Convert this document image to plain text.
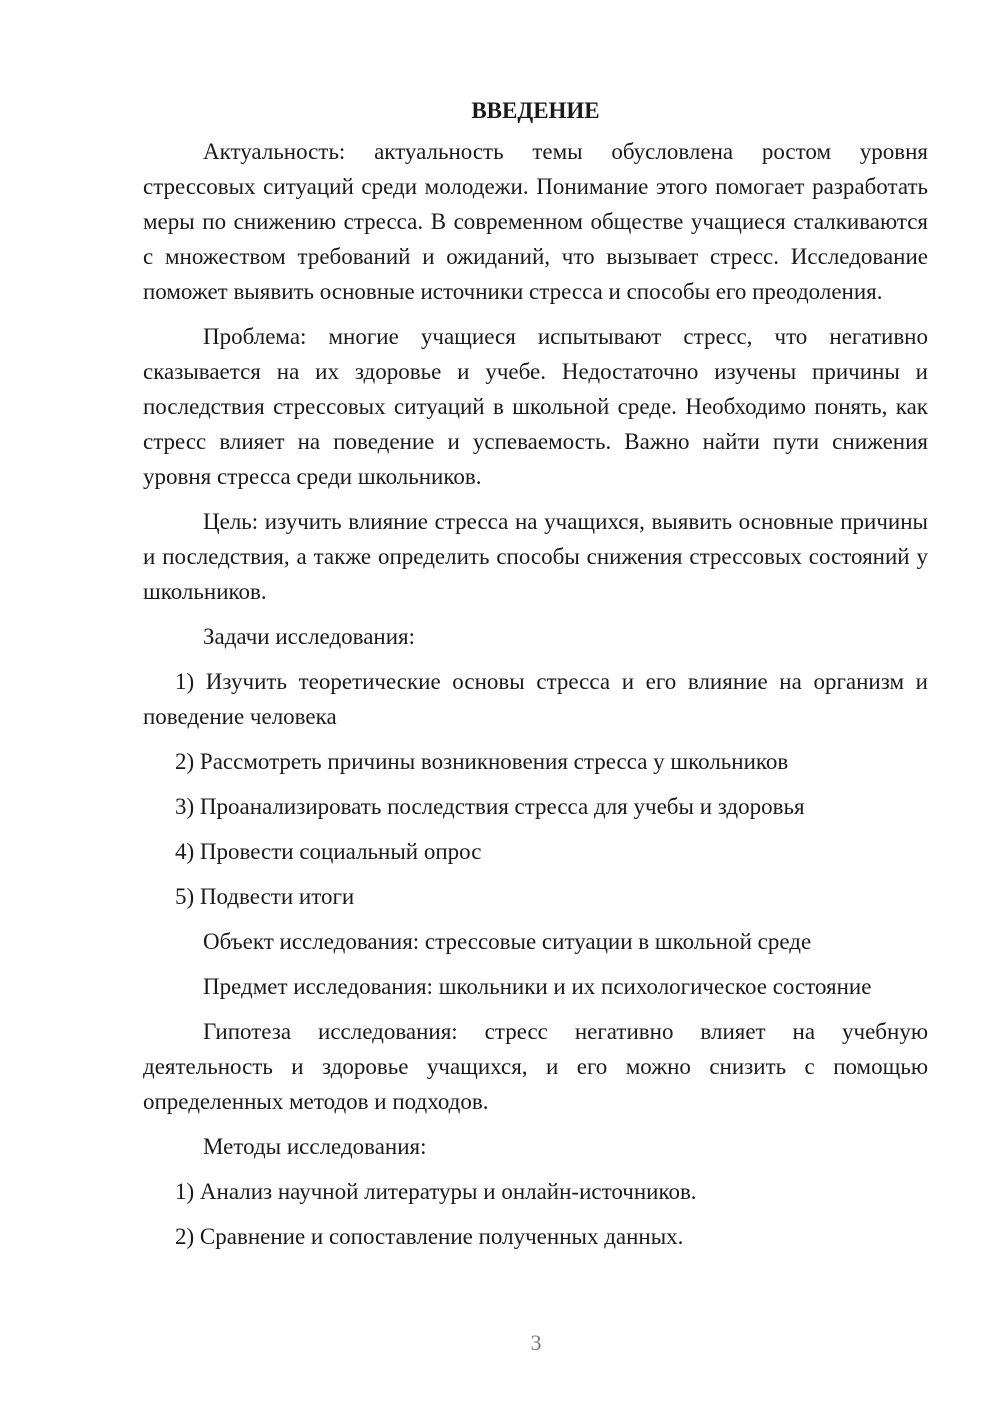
ВВЕДЕНИЕ

Актуальность: актуальность темы обусловлена ростом уровня стрессовых ситуаций среди молодежи. Понимание этого помогает разработать меры по снижению стресса. В современном обществе учащиеся сталкиваются с множеством требований и ожиданий, что вызывает стресс. Исследование поможет выявить основные источники стресса и способы его преодоления.

Проблема: многие учащиеся испытывают стресс, что негативно сказывается на их здоровье и учебе. Недостаточно изучены причины и последствия стрессовых ситуаций в школьной среде. Необходимо понять, как стресс влияет на поведение и успеваемость. Важно найти пути снижения уровня стресса среди школьников.

Цель: изучить влияние стресса на учащихся, выявить основные причины и последствия, а также определить способы снижения стрессовых состояний у школьников.

Задачи исследования:

1) Изучить теоретические основы стресса и его влияние на организм и поведение человека

2) Рассмотреть причины возникновения стресса у школьников

3) Проанализировать последствия стресса для учебы и здоровья

4) Провести социальный опрос

5) Подвести итоги

Объект исследования: стрессовые ситуации в школьной среде

Предмет исследования: школьники и их психологическое состояние

Гипотеза исследования: стресс негативно влияет на учебную деятельность и здоровье учащихся, и его можно снизить с помощью определенных методов и подходов.

Методы исследования:

1) Анализ научной литературы и онлайн-источников.

2) Сравнение и сопоставление полученных данных.

3
